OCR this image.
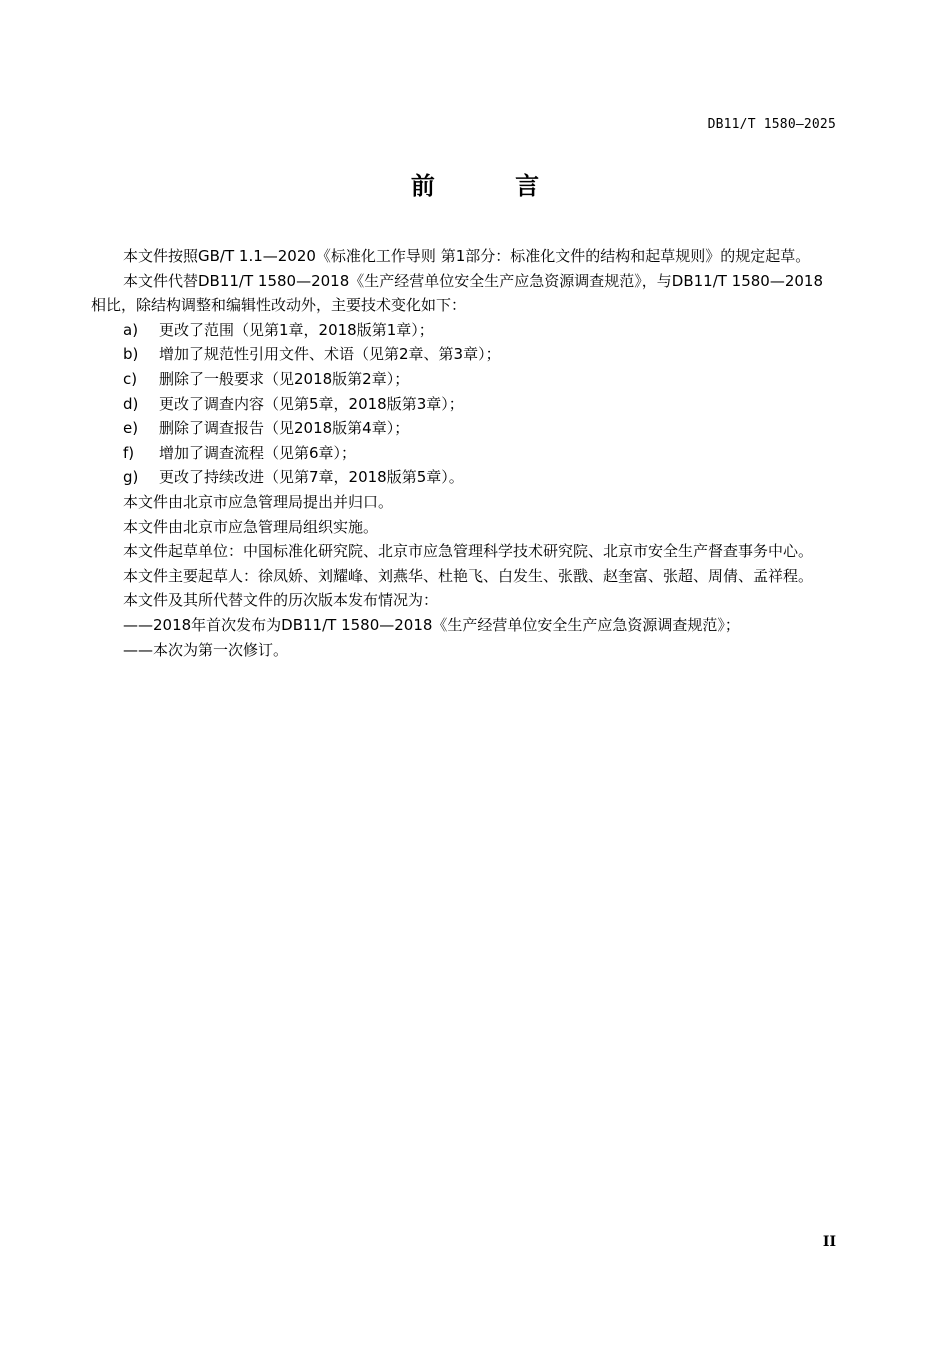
DB11/T 1580—2025
前 言

本文件按照GB/T 1.1—2020《标准化工作导则 第1部分：标准化文件的结构和起草规则》的规定起草。

本文件代替DB11/T 1580—2018《生产经营单位安全生产应急资源调查规范》，与DB11/T 1580—2018相比，除结构调整和编辑性改动外，主要技术变化如下：

a) 更改了范围（见第1章，2018版第1章）；

b) 增加了规范性引用文件、术语（见第2章、第3章）；

c) 删除了一般要求（见2018版第2章）；

d) 更改了调查内容（见第5章，2018版第3章）；

e) 删除了调查报告（见2018版第4章）；

f) 增加了调查流程（见第6章）；

g) 更改了持续改进（见第7章，2018版第5章）。

本文件由北京市应急管理局提出并归口。

本文件由北京市应急管理局组织实施。

本文件起草单位：中国标准化研究院、北京市应急管理科学技术研究院、北京市安全生产督查事务中心。

本文件主要起草人：徐凤娇、刘耀峰、刘燕华、杜艳飞、白发生、张戬、赵奎富、张超、周倩、孟祥程。

本文件及其所代替文件的历次版本发布情况为：

——2018年首次发布为DB11/T 1580—2018《生产经营单位安全生产应急资源调查规范》；

——本次为第一次修订。

II
